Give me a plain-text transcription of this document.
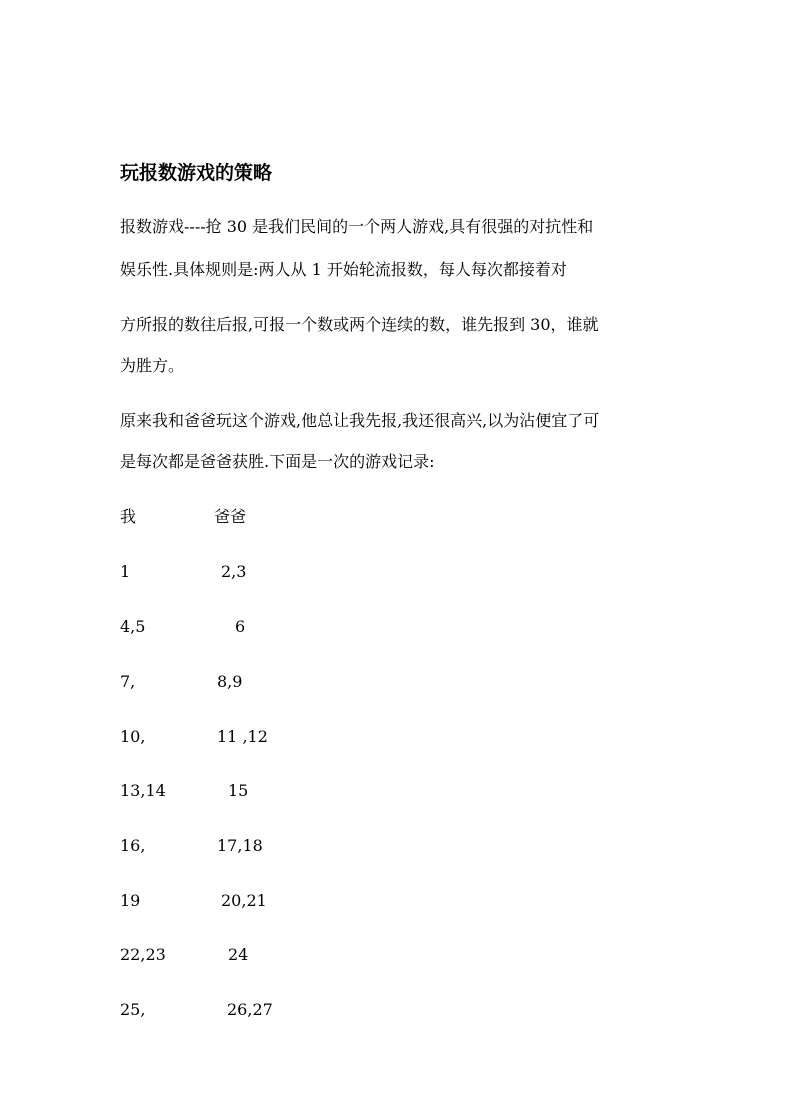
玩报数游戏的策略
报数游戏----抢 30 是我们民间的一个两人游戏,具有很强的对抗性和
娱乐性.具体规则是:两人从 1 开始轮流报数，每人每次都接着对
方所报的数往后报,可报一个数或两个连续的数，谁先报到 30，谁就
为胜方。
原来我和爸爸玩这个游戏,他总让我先报,我还很高兴,以为沾便宜了可
是每次都是爸爸获胜.下面是一次的游戏记录:
我	爸爸
1	2,3
4,5	6
7,	8,9
10,	11 ,12
13,14	15
16,	17,18
19	20,21
22,23	24
25,	26,27
